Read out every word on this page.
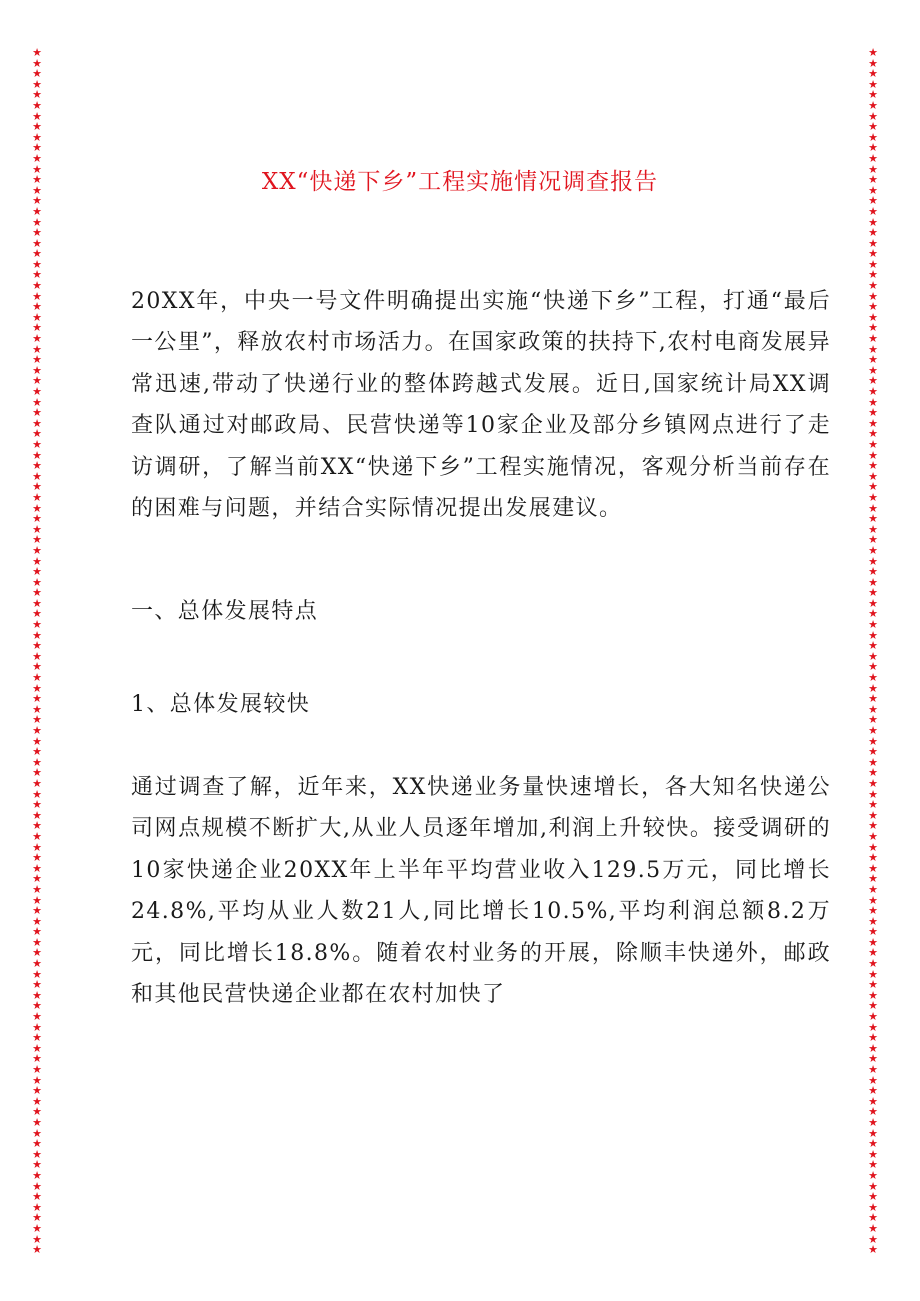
★
★
★
★
★
★
★
★
★
★
★
★
★
★
★
★
★
★
★
★
★
★
★
★
★
★
★
★
★
★
★
★
★
★
★
★
★
★
★
★
★
★
★
★
★
★
★
★
★
★
★
★
★
★
★
★
★
★
★
★
★
★
★
★
★
★
★
★
★
★
★
★
★
★
★
★
★
★
★
★
★
★
★
★
★
★
★
★
★
★
★
★
★
★
★
★
★
★
★
★
★
★
★
★
★
★
★
★
★
★
★
★
★
★
★
★
★
★
★
★
★
★
★
★
★
★
★
★
★
★
★
★
★
★
★
★
★
★
★
★
★
★
★
★
★
★
★
★
★
★
★
★
★
★
★
★
★
★
★
★
★
★
★
★
★
★
★
★
★
★
★
★
★
★
★
★
★
★
★
★
★
★
★
★
★
★
★
★
★
★
★
★
★
★
★
★
★
★
★
★
★
★
★
★
★
★
★
★
★
★
★
★
★
★
★
★
★
★
★
★
★
★
★
★
★
★
★
★
XX“快递下乡”工程实施情况调查报告

20XX年，中央一号文件明确提出实施“快递下乡”工程，打通“最后一公里”，释放农村市场活力。在国家政策的扶持下,农村电商发展异常迅速,带动了快递行业的整体跨越式发展。近日,国家统计局XX调查队通过对邮政局、民营快递等10家企业及部分乡镇网点进行了走访调研，了解当前XX“快递下乡”工程实施情况，客观分析当前存在的困难与问题，并结合实际情况提出发展建议。

一、总体发展特点

1、总体发展较快

通过调查了解，近年来，XX快递业务量快速增长，各大知名快递公司网点规模不断扩大,从业人员逐年增加,利润上升较快。接受调研的10家快递企业20XX年上半年平均营业收入129.5万元，同比增长24.8%,平均从业人数21人,同比增长10.5%,平均利润总额8.2万元，同比增长18.8%。随着农村业务的开展，除顺丰快递外，邮政和其他民营快递企业都在农村加快了
